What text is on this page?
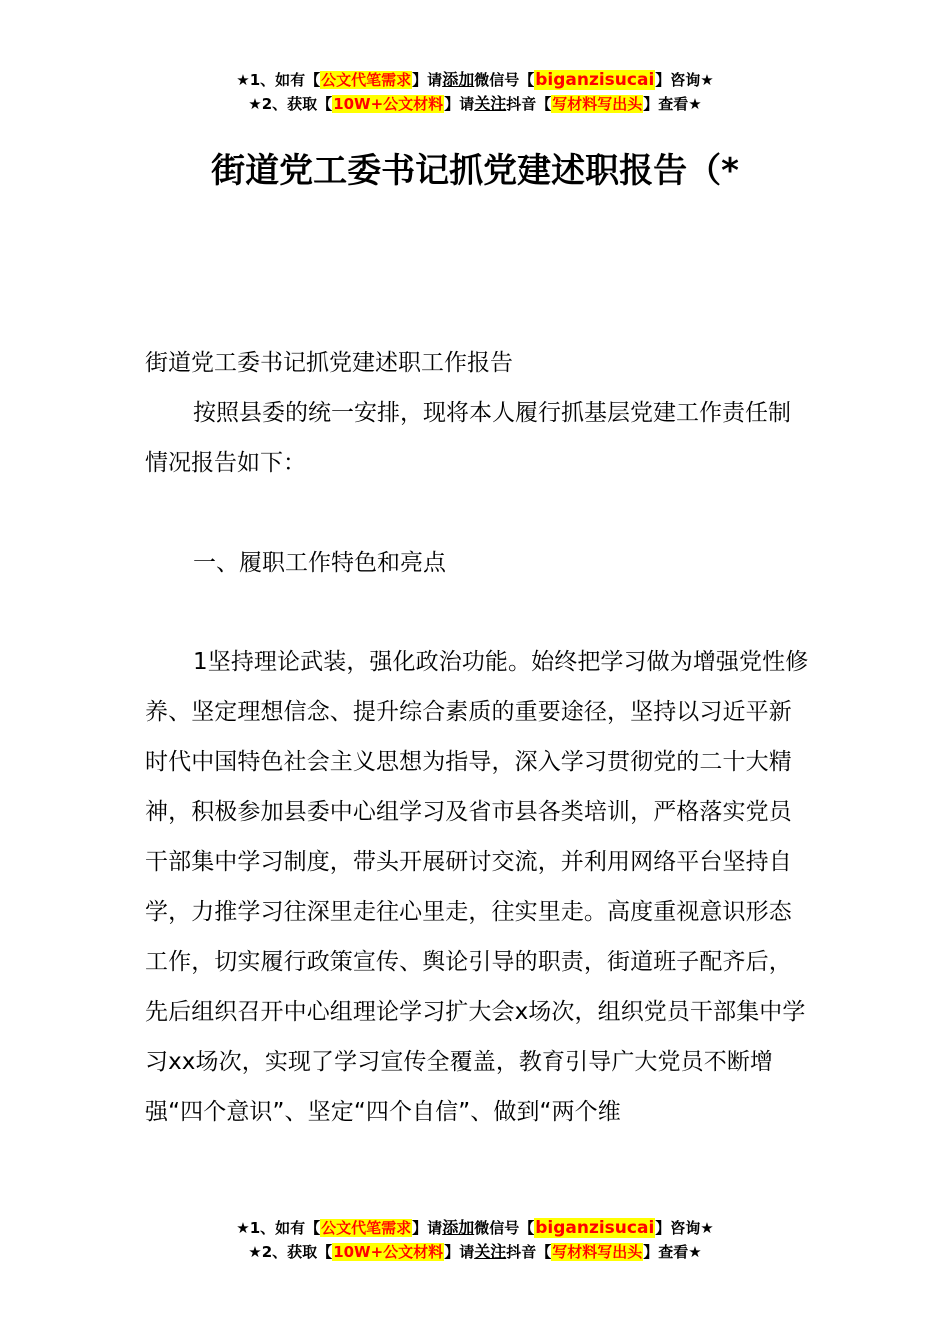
★1、如有【公文代笔需求】请添加微信号【biganzisucai】咨询★
★2、获取【10W+公文材料】请关注抖音【写材料写出头】查看★
街道党工委书记抓党建述职报告（*

街道党工委书记抓党建述职工作报告

按照县委的统一安排，现将本人履行抓基层党建工作责任制情况报告如下：

一、履职工作特色和亮点

1坚持理论武装，强化政治功能。始终把学习做为增强党性修养、坚定理想信念、提升综合素质的重要途径，坚持以习近平新时代中国特色社会主义思想为指导，深入学习贯彻党的二十大精神，积极参加县委中心组学习及省市县各类培训，严格落实党员干部集中学习制度，带头开展研讨交流，并利用网络平台坚持自学，力推学习往深里走往心里走，往实里走。高度重视意识形态工作，切实履行政策宣传、舆论引导的职责，街道班子配齐后，先后组织召开中心组理论学习扩大会x场次，组织党员干部集中学习xx场次，实现了学习宣传全覆盖，教育引导广大党员不断增强“四个意识”、坚定“四个自信”、做到“两个维

★1、如有【公文代笔需求】请添加微信号【biganzisucai】咨询★
★2、获取【10W+公文材料】请关注抖音【写材料写出头】查看★
